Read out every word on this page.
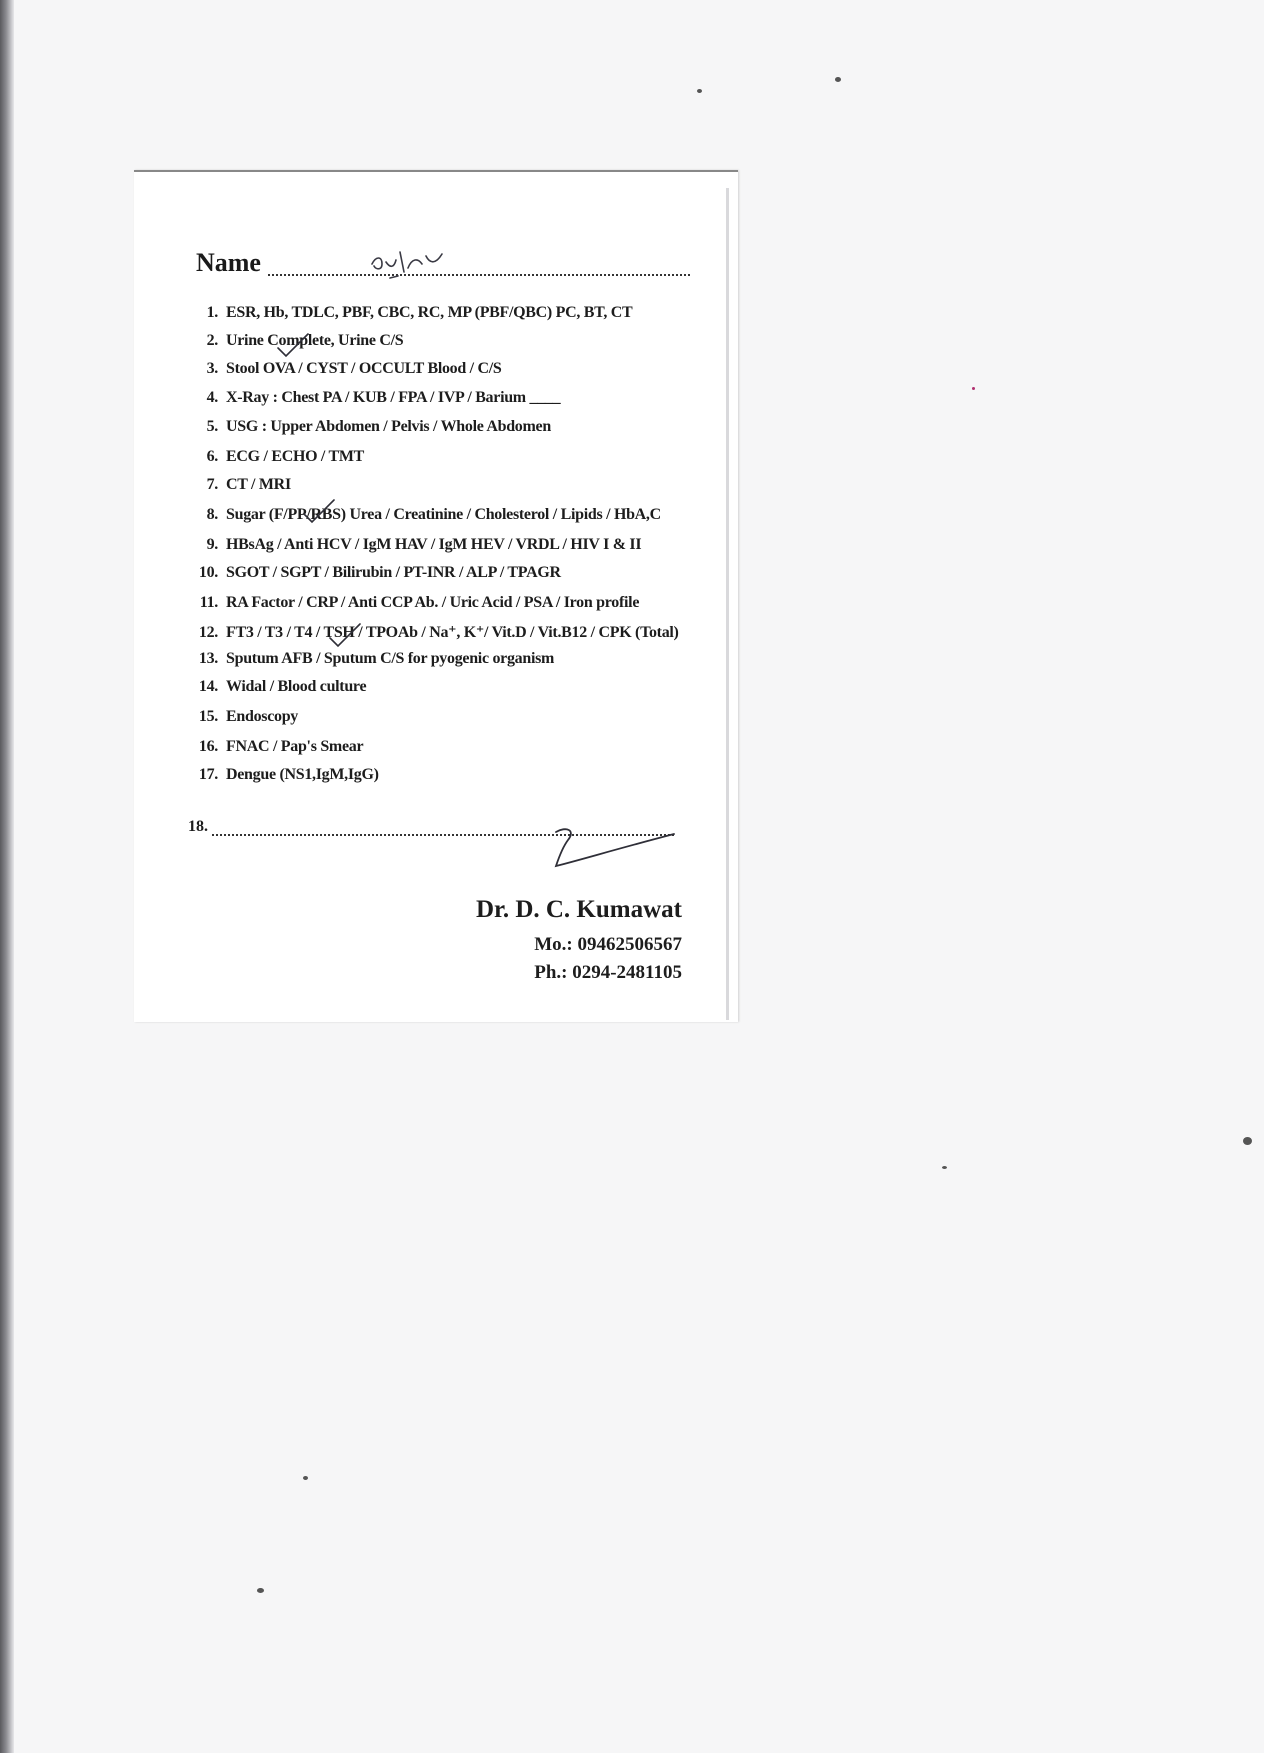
Name
1. ESR, Hb, TDLC, PBF, CBC, RC, MP (PBF/QBC) PC, BT, CT
2. Urine Complete, Urine C/S
3. Stool OVA / CYST / OCCULT Blood / C/S
4. X-Ray : Chest PA / KUB / FPA / IVP / Barium ____
5. USG : Upper Abdomen / Pelvis / Whole Abdomen
6. ECG / ECHO / TMT
7. CT / MRI
8. Sugar (F/PP/RBS) Urea / Creatinine / Cholesterol / Lipids / HbA,C
9. HBsAg / Anti HCV / IgM HAV / IgM HEV / VRDL / HIV I & II
10. SGOT / SGPT / Bilirubin / PT-INR / ALP / TPAGR
11. RA Factor / CRP / Anti CCP Ab. / Uric Acid / PSA / Iron profile
12. FT3 / T3 / T4 / TSH / TPOAb / Na⁺, K⁺/ Vit.D / Vit.B12 / CPK (Total)
13. Sputum AFB / Sputum C/S for pyogenic organism
14. Widal / Blood culture
15. Endoscopy
16. FNAC / Pap's Smear
17. Dengue (NS1,IgM,IgG)
18.
Dr. D. C. Kumawat
Mo.: 09462506567
Ph.: 0294-2481105
